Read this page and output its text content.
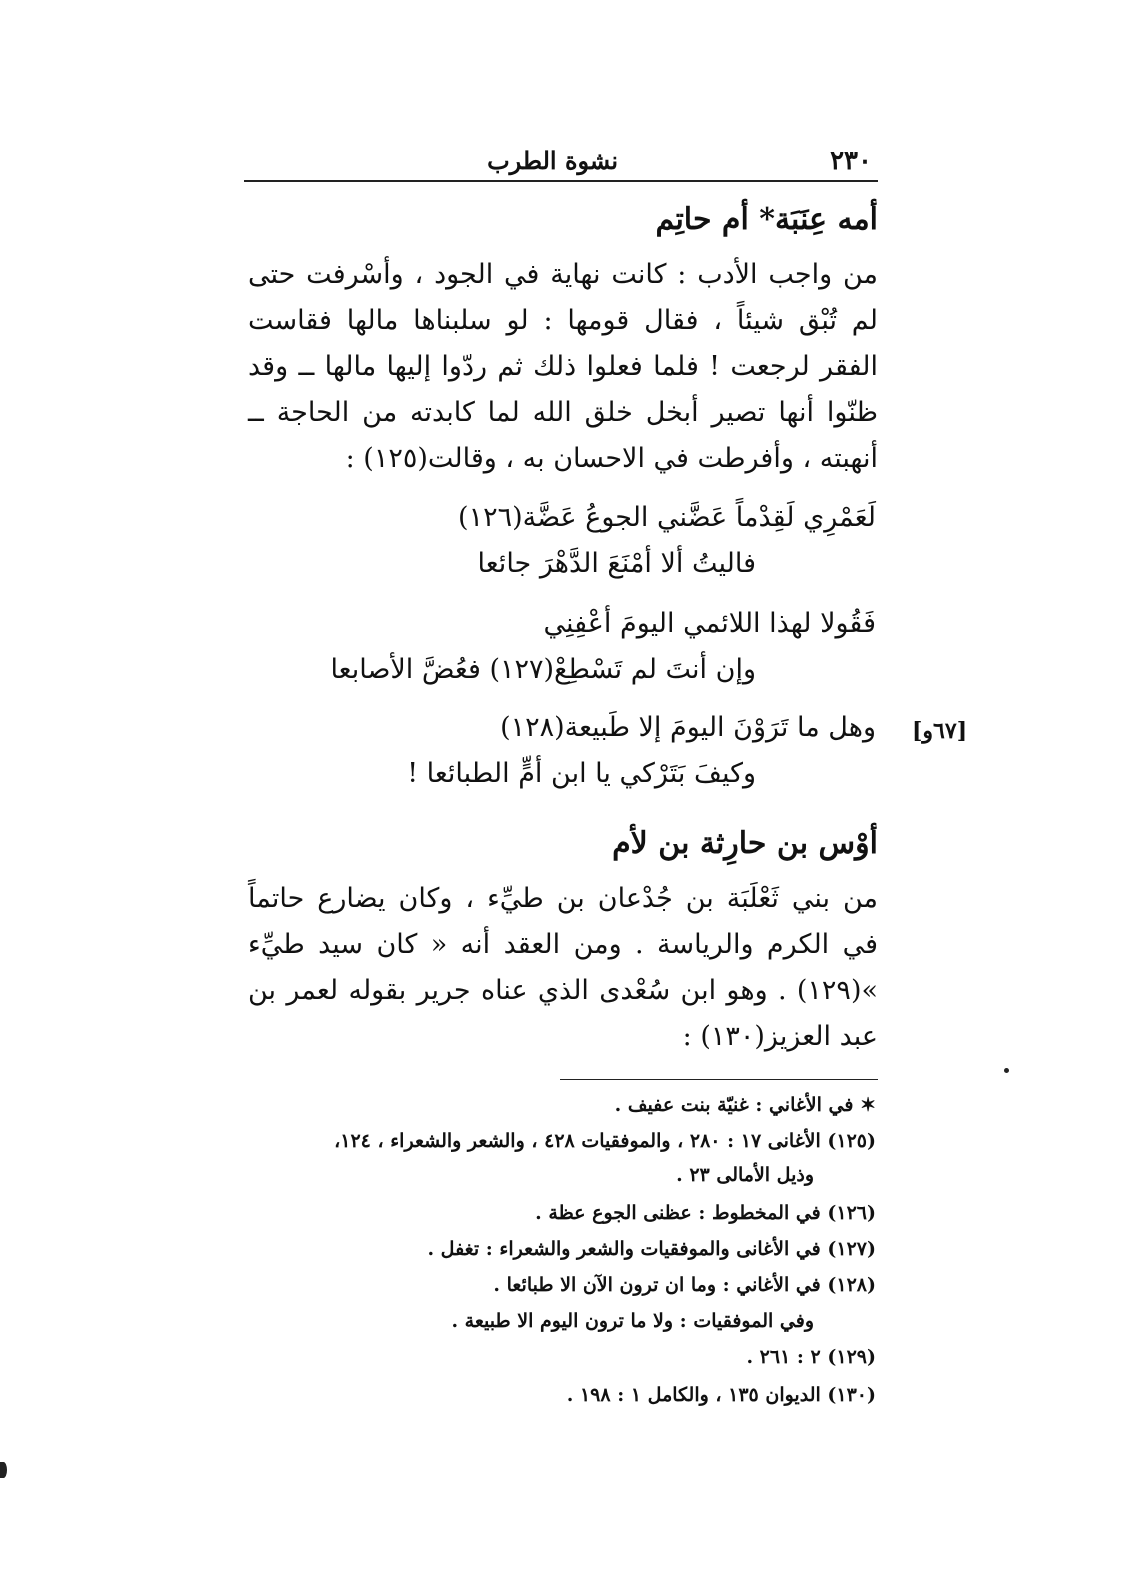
نشوة الطرب	٢٣٠
أمه عِنَبَة* أم حاتِم
من واجب الأدب : كانت نهاية في الجود ، وأسْرفت حتى لم تُبْق شيئاً ، فقال قومها : لو سلبناها مالها فقاست الفقر لرجعت ! فلما فعلوا ذلك ثم ردّوا إليها مالها ــ وقد ظنّوا أنها تصير أبخل خلق الله لما كابدته من الحاجة ــ أنهبته ، وأفرطت في الاحسان به ، وقالت(١٢٥) :
لَعَمْرِي لَقِدْماً عَضَّني الجوعُ عَضَّة(١٢٦)
فاليتُ ألا أمْنَعَ الدَّهْرَ جائعا
فَقُولا لهذا اللائمي اليومَ أعْفِنِي
وإن أنتَ لم تَسْطِعْ(١٢٧) فعُضَّ الأصابعا
وهل ما تَرَوْنَ اليومَ إلا طَبيعة(١٢٨)
وكيفَ بَتَرْكي يا ابن أمٍّ الطبائعا !
[٦٧و]
أوْس بن حارِثة بن لأم
من بني ثَعْلَبَة بن جُدْعان بن طيِّء ، وكان يضارع حاتماً في الكرم والرياسة . ومن العقد أنه « كان سيد طيِّء »(١٢٩) . وهو ابن سُعْدى الذي عناه جرير بقوله لعمر بن عبد العزيز(١٣٠) :
✶ في الأغاني : غنيّة بنت عفيف .
(١٢٥) الأغانى ١٧ : ٢٨٠ ، والموفقيات ٤٢٨ ، والشعر والشعراء ، ١٢٤،
وذيل الأمالى ٢٣ .
(١٢٦) في المخطوط : عظنى الجوع عظة .
(١٢٧) في الأغانى والموفقيات والشعر والشعراء : تغفل .
(١٢٨) في الأغاني : وما ان ترون الآن الا طبائعا .
وفي الموفقيات : ولا ما ترون اليوم الا طبيعة .
(١٢٩) ٢ : ٢٦١ .
(١٣٠) الديوان ١٣٥ ، والكامل ١ : ١٩٨ .
